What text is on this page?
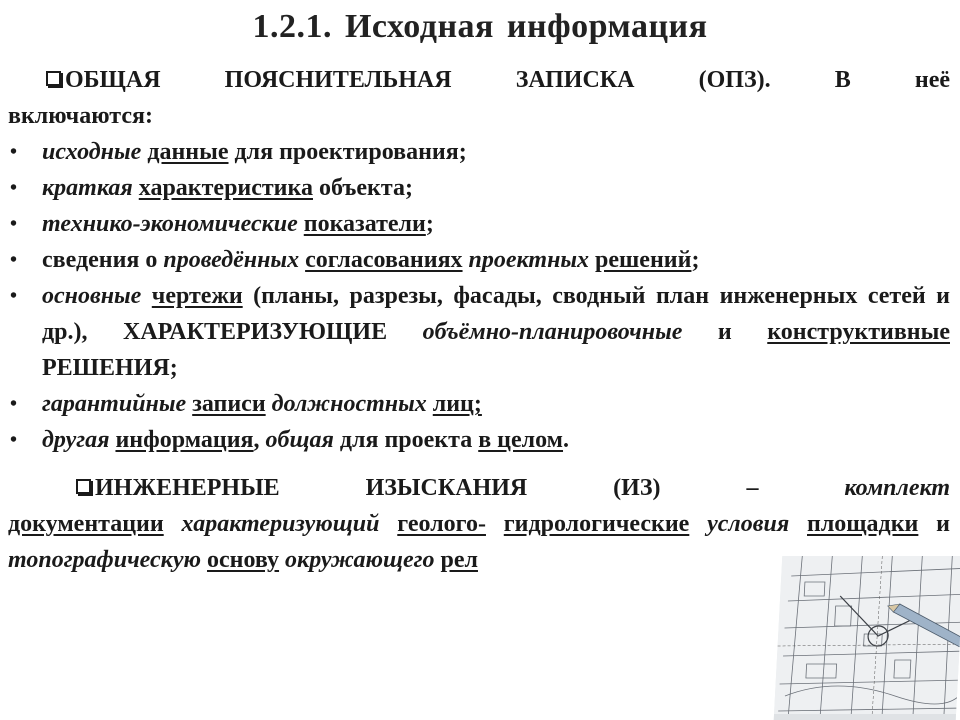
1.2.1. Исходная информация
ОБЩАЯ	ПОЯСНИТЕЛЬНАЯ	ЗАПИСКА	(ОПЗ).	В	неё
включаются:
• исходные данные для проектирования;
• краткая характеристика объекта;
• технико-экономические показатели;
• сведения о проведённых согласованиях проектных решений;
• основные чертежи (планы, разрезы, фасады, сводный план инженерных сетей и др.), ХАРАКТЕРИЗУЮЩИЕ объёмно-планировочные и конструктивные РЕШЕНИЯ;
• гарантийные записи должностных лиц;
• другая информация, общая для проекта в целом.
ИНЖЕНЕРНЫЕ	ИЗЫСКАНИЯ	(ИЗ)	–	комплект
документации характеризующий геолого- гидрологические условия площадки и топографическую основу окружающего рел
